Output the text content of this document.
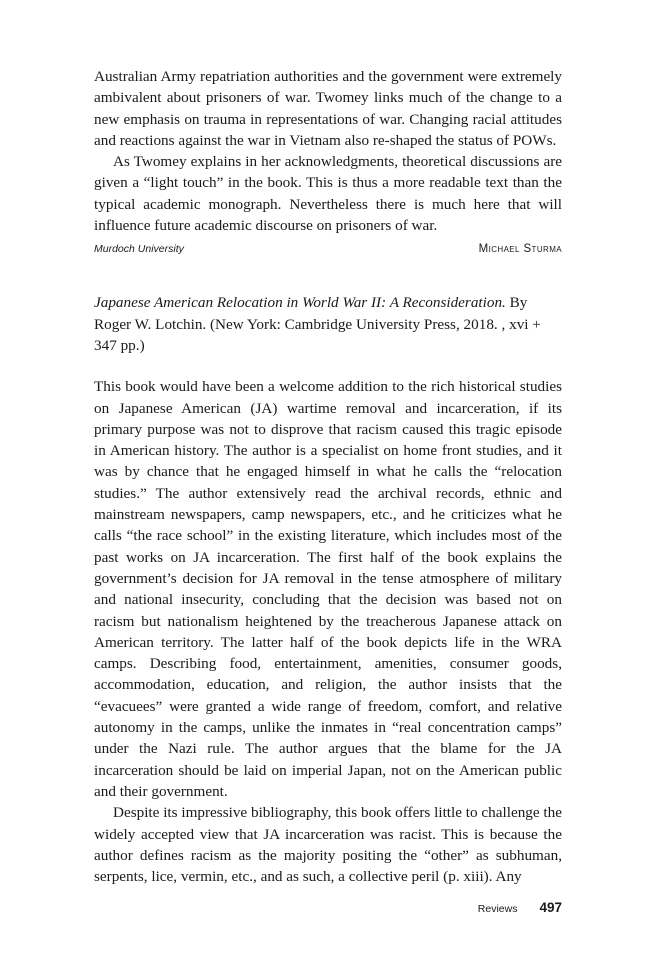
Australian Army repatriation authorities and the government were extremely ambivalent about prisoners of war. Twomey links much of the change to a new emphasis on trauma in representations of war. Changing racial attitudes and reactions against the war in Vietnam also re-shaped the status of POWs.

As Twomey explains in her acknowledgments, theoretical discussions are given a “light touch” in the book. This is thus a more readable text than the typical academic monograph. Nevertheless there is much here that will influence future academic discourse on prisoners of war.

Murdoch University	Michael Sturma

Japanese American Relocation in World War II: A Reconsideration. By Roger W. Lotchin. (New York: Cambridge University Press, 2018. , xvi + 347 pp.)

This book would have been a welcome addition to the rich historical studies on Japanese American (JA) wartime removal and incarceration, if its primary purpose was not to disprove that racism caused this tragic episode in American history. The author is a specialist on home front studies, and it was by chance that he engaged himself in what he calls the “relocation studies.” The author extensively read the archival records, ethnic and mainstream newspapers, camp newspapers, etc., and he criticizes what he calls “the race school” in the existing literature, which includes most of the past works on JA incarceration. The first half of the book explains the government’s decision for JA removal in the tense atmosphere of military and national insecurity, concluding that the decision was based not on racism but nationalism heightened by the treacherous Japanese attack on American territory. The latter half of the book depicts life in the WRA camps. Describing food, entertainment, amenities, consumer goods, accommodation, education, and religion, the author insists that the “evacuees” were granted a wide range of freedom, comfort, and relative autonomy in the camps, unlike the inmates in “real concentration camps” under the Nazi rule. The author argues that the blame for the JA incarceration should be laid on imperial Japan, not on the American public and their government.

Despite its impressive bibliography, this book offers little to challenge the widely accepted view that JA incarceration was racist. This is because the author defines racism as the majority positing the “other” as subhuman, serpents, lice, vermin, etc., and as such, a collective peril (p. xiii). Any

Reviews 497
